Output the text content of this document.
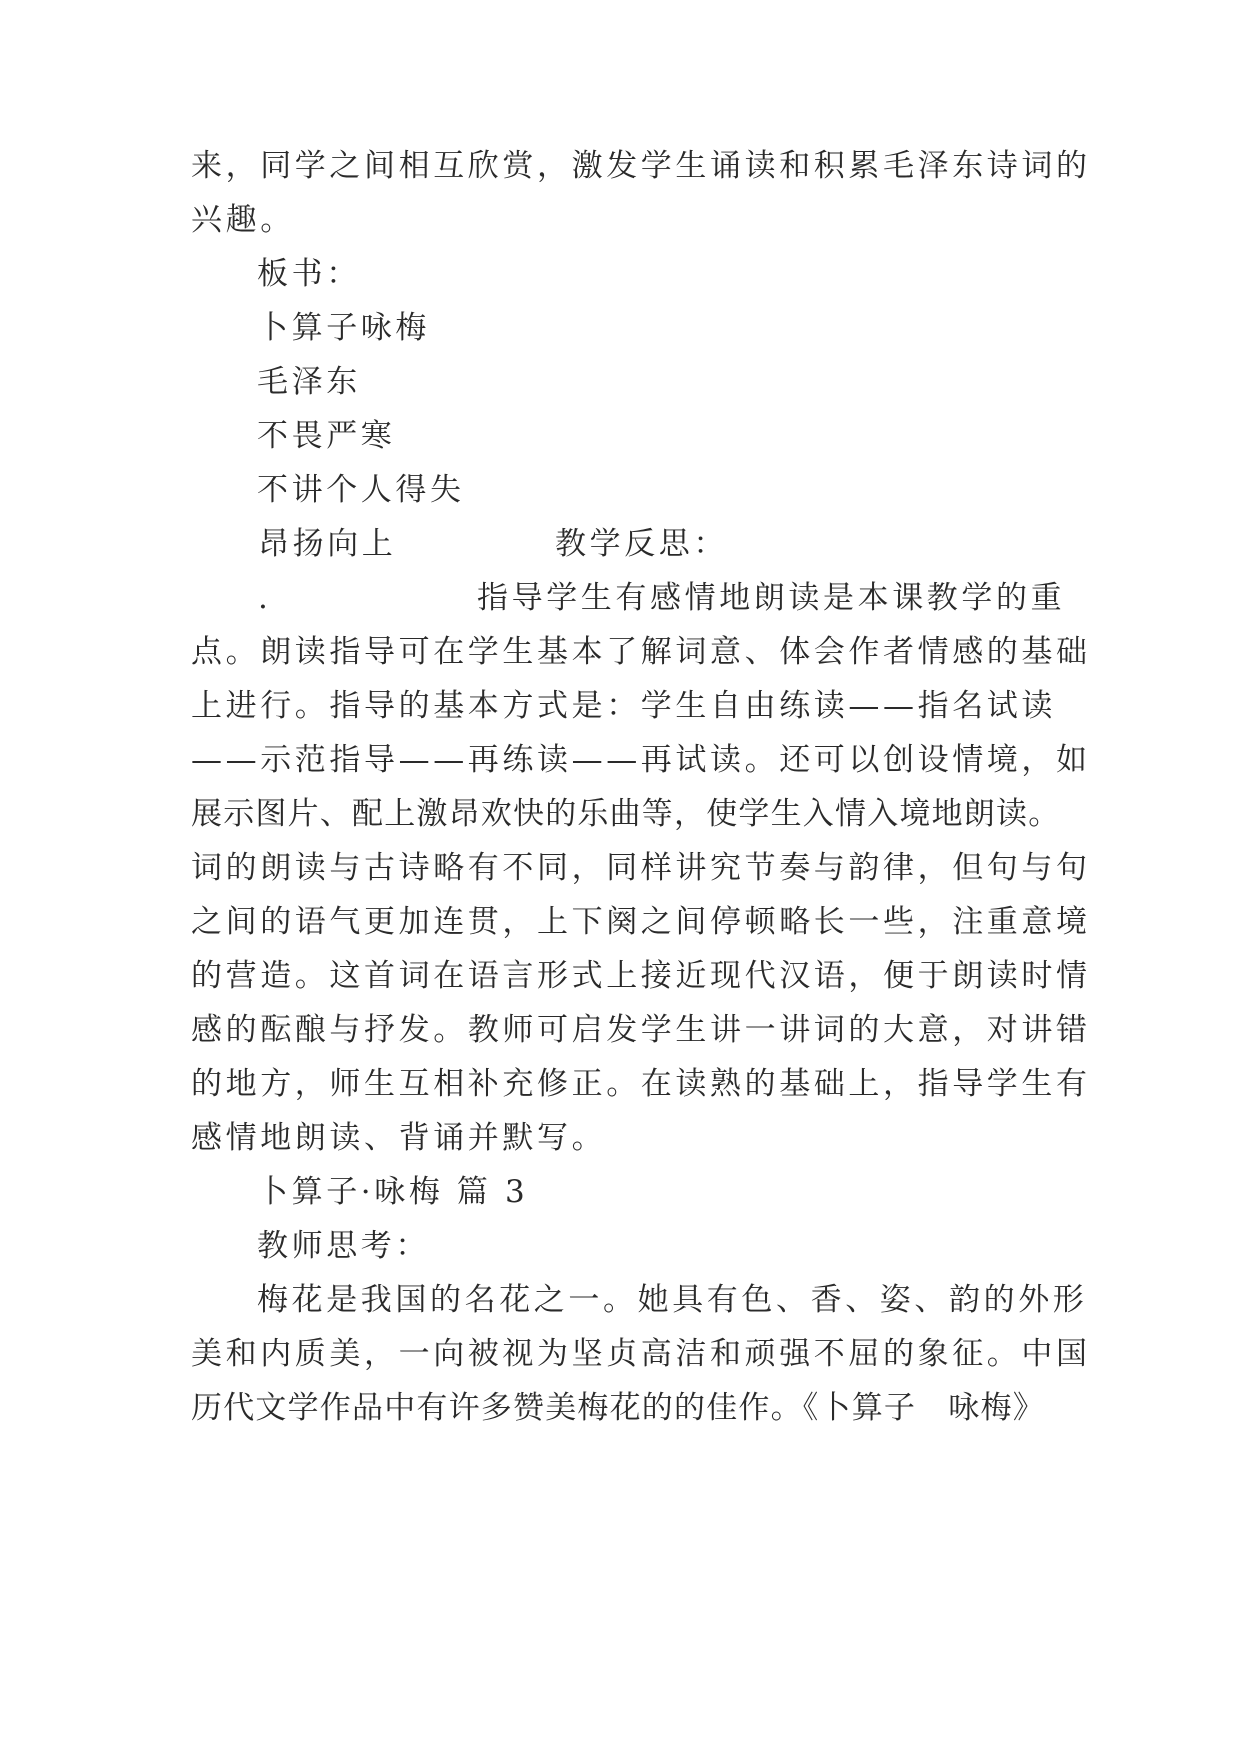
来，同学之间相互欣赏，激发学生诵读和积累毛泽东诗词的
兴趣。
板书：
卜算子咏梅
毛泽东
不畏严寒
不讲个人得失
昂扬向上	教学反思：
.	指导学生有感情地朗读是本课教学的重
点。朗读指导可在学生基本了解词意、体会作者情感的基础
上进行。指导的基本方式是：学生自由练读——指名试读
——示范指导——再练读——再试读。还可以创设情境，如
展示图片、配上激昂欢快的乐曲等，使学生入情入境地朗读。
词的朗读与古诗略有不同，同样讲究节奏与韵律，但句与句
之间的语气更加连贯，上下阕之间停顿略长一些，注重意境
的营造。这首词在语言形式上接近现代汉语，便于朗读时情
感的酝酿与抒发。教师可启发学生讲一讲词的大意，对讲错
的地方，师生互相补充修正。在读熟的基础上，指导学生有
感情地朗读、背诵并默写。
卜算子·咏梅 篇 3
教师思考：
梅花是我国的名花之一。她具有色、香、姿、韵的外形
美和内质美，一向被视为坚贞高洁和顽强不屈的象征。中国
历代文学作品中有许多赞美梅花的的佳作。《卜算子　咏梅》
